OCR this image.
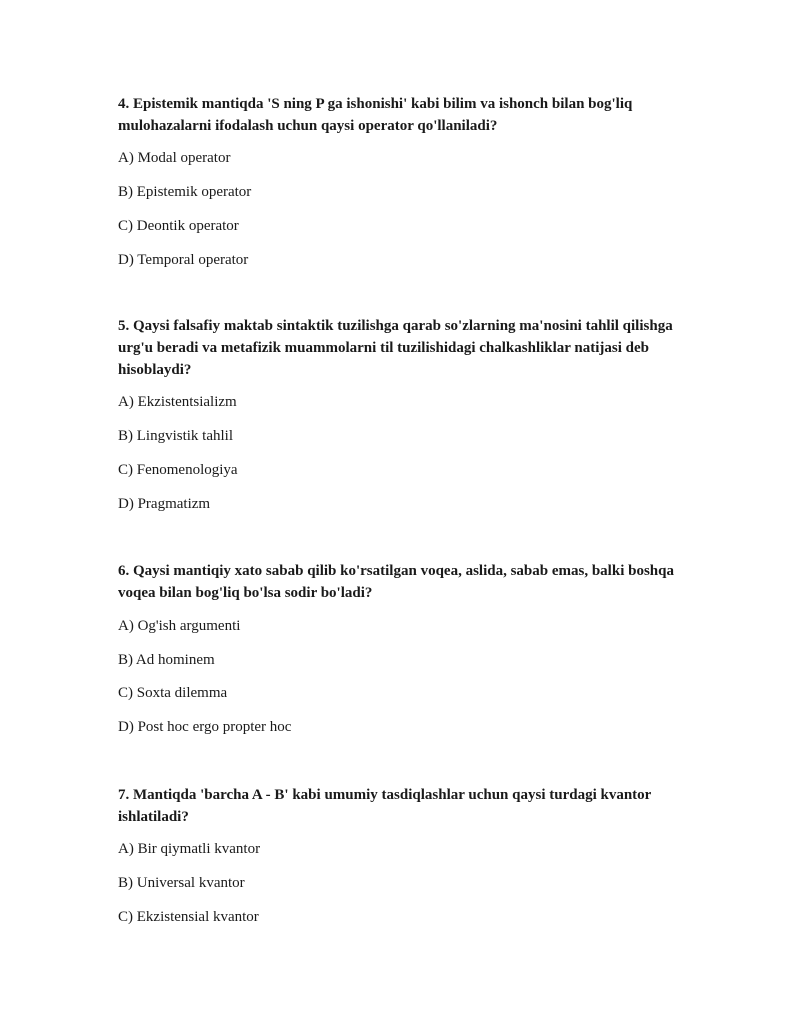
4. Epistemik mantiqda 'S ning P ga ishonishi' kabi bilim va ishonch bilan bog'liq mulohazalarni ifodalash uchun qaysi operator qo'llaniladi?

A) Modal operator

B) Epistemik operator

C) Deontik operator

D) Temporal operator

5. Qaysi falsafiy maktab sintaktik tuzilishga qarab so'zlarning ma'nosini tahlil qilishga urg'u beradi va metafizik muammolarni til tuzilishidagi chalkashliklar natijasi deb hisoblaydi?

A) Ekzistentsializm

B) Lingvistik tahlil

C) Fenomenologiya

D) Pragmatizm

6. Qaysi mantiqiy xato sabab qilib ko'rsatilgan voqea, aslida, sabab emas, balki boshqa voqea bilan bog'liq bo'lsa sodir bo'ladi?

A) Og'ish argumenti

B) Ad hominem

C) Soxta dilemma

D) Post hoc ergo propter hoc

7. Mantiqda 'barcha A - B' kabi umumiy tasdiqlashlar uchun qaysi turdagi kvantor ishlatiladi?

A) Bir qiymatli kvantor

B) Universal kvantor

C) Ekzistensial kvantor
